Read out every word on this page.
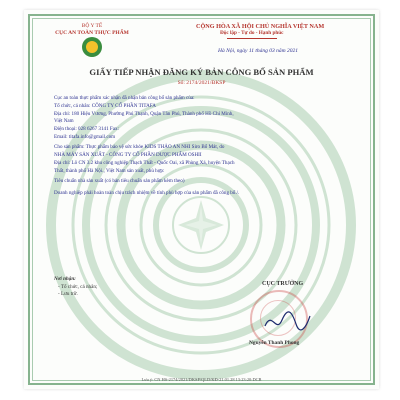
BỘ Y TẾ
CỤC AN TOÀN THỰC PHẨM
CỘNG HÒA XÃ HỘI CHỦ NGHĨA VIỆT NAM
Độc lập - Tự do - Hạnh phúc
Hà Nội, ngày 11 tháng 03 năm 2021
GIẤY TIẾP NHẬN ĐĂNG KÝ BẢN CÔNG BỐ SẢN PHẨM
Số: 2174/2021/ĐKSP
Cục an toàn thực phẩm xác nhận đã nhận bản công bố sản phẩm của:
Tổ chức, cá nhân: CÔNG TY CỔ PHẦN TITAFA
Địa chỉ: 180 Hiệu Vương, Phường Phú Thạnh, Quận Tân Phú, Thành phố Hồ Chí Minh,
Việt Nam
Điện thoại: 028 6267 3141 Fax:
Email: titafa.info@gmail.com
Cho sản phẩm: Thực phẩm bảo vệ sức khỏe KIDS THẢO AN NHI Siro Bổ Mát, do
NHÀ MÁY SẢN XUẤT - CÔNG TY CỔ PHẦN DƯỢC PHẨM OSHII
Địa chỉ: Lô CN 3.2 khu công nghiệp Thạch Thất - Quốc Oai, xã Phùng Xá, huyện Thạch
Thất, thành phố Hà Nội., Việt Nam sản xuất, phù hợp:
Tiêu chuẩn nhà sản xuất (có bản tiêu chuẩn sản phẩm kèm theo)
Doanh nghiệp phải hoàn toàn chịu trách nhiệm về tính phù hợp của sản phẩm đã công bố./.
Nơi nhận:
- Tổ chức, cá nhân;
- Lưu trữ.
CỤC TRƯỞNG
Nguyễn Thanh Phong
Lưu ý: CN HS-2174/2021/DKSP/QLD/KĐ-21.01.28 13:23:20:DCB
